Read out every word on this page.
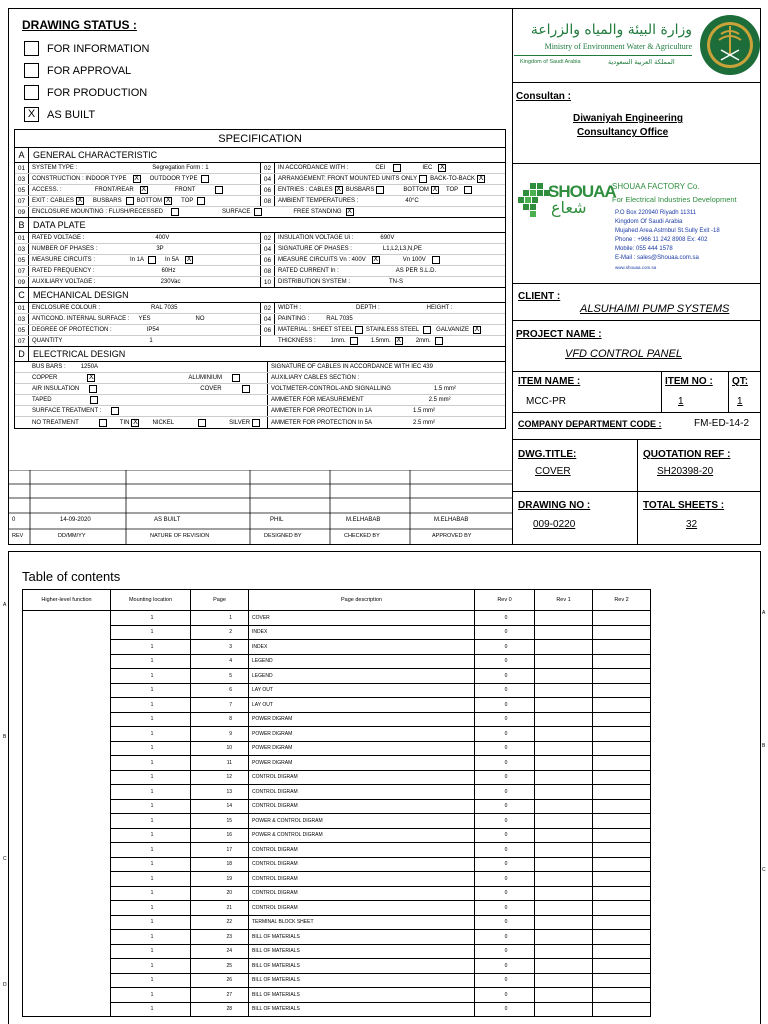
DRAWING STATUS :
FOR INFORMATION
FOR APPROVAL
FOR PRODUCTION
X	AS BUILT
SPECIFICATION
A GENERAL CHARACTERISTIC
01	SYSTEM TYPE :	Segregation Form : 1	02	IN ACCORDANCE WITH :	CEI	IEC X
03	CONSTRUCTION : INDOOR TYPE X	OUTDOOR TYPE	04	ARRANGEMENT: FRONT MOUNTED UNITS ONLY	BACK-TO-BACK X
05	ACCESS. :	FRONT/REAR X	FRONT	06	ENTRIES : CABLES X BUSBARS	BOTTOM X	TOP
07	EXIT : CABLES X	BUSBARS	BOTTOM X	TOP	08	AMBIENT TEMPERATURES :	40°C
09	ENCLOSURE MOUNTING : FLUSH/RECESSED	SURFACE	FREE STANDING X
B DATA PLATE
01	RATED VOLTAGE :	400V	02	INSULATION VOLTAGE Ui :	690V
03	NUMBER OF PHASES :	3P	04	SIGNATURE OF PHASES :	L1,L2,L3,N,PE
05	MEASURE CIRCUITS :	In 1A	In 5A X	06	MEASURE CIRCUITS Vn : 400V X	Vn 100V
07	RATED FREQUENCY :	60Hz	08	RATED CURRENT In :	AS PER S.L.D.
09	AUXILIARY VOLTAGE :	230Vac	10	DISTRIBUTION SYSTEM :	TN-S
C MECHANICAL DESIGN
01	ENCLOSURE COLOUR :	RAL 7035	02	WIDTH :	DEPTH :	HEIGHT :
03	ANTICOND. INTERNAL SURFACE :	YES	NO	04	PAINTING :	RAL 7035
05	DEGREE OF PROTECTION :	IP54	06	MATERIAL : SHEET STEEL	STAINLESS STEEL	GALVANIZE X
07	QUANTITY	1	THICKNESS :	1mm.	1.5mm. X	2mm.
D ELECTRICAL DESIGN
BUS BARS :	1250A	SIGNATURE OF CABLES IN ACCORDANCE WITH IEC 439
COPPER	X	ALUMINIUM	AUXILIARY CABLES SECTION :
AIR INSULATION	COVER	VOLTMETER-CONTROL-AND SIGNALLING	1.5 mm²
TAPED	AMMETER FOR MEASUREMENT	2.5 mm²
SURFACE TREATMENT :	AMMETER FOR PROTECTION In 1A	1.5 mm²
NO TREATMENT	TIN X	NICKEL	SILVER	AMMETER FOR PROTECTION In 5A	2.5 mm²
0	14-09-2020	AS BUILT	PHIL	M.ELHABAB	M.ELHABAB
REV	DD/MM/YY	NATURE OF REVISION	DESIGNED BY	CHECKED BY	APPROVED BY
وزارة البيئة والمياه والزراعة
Ministry of Environment Water & Agriculture
Kingdom of Saudi Arabia	المملكة العربية السعودية
Consultan :
Diwaniyah Engineering
Consultancy Office
SHOUAA
شعاع
SHOUAA FACTORY Co.
For Electrical Industries Development
P.O Box 220940 Riyadh 11311
Kingdom Of Saudi Arabia
Mujahed Area.Astrnbul St.Sully Exit -18
Phone : +966 11 242 8908 Ex: 402
Mobile: 055 444 1578
E-Mail : sales@Shouaa.com.sa
www.shouaa.com.sa
CLIENT :
ALSUHAIMI PUMP SYSTEMS
PROJECT NAME :
VFD CONTROL PANEL
ITEM NAME :
MCC-PR
ITEM NO :
1
QT:
1
COMPANY DEPARTMENT CODE :	FM-ED-14-2
DWG.TITLE:
COVER
QUOTATION REF :
SH20398-20
DRAWING NO :
009-0220
TOTAL SHEETS :
32
A
B
C
D
A
B
C
Table of contents
Higher-level function	Mounting location	Page	Page description	Rev 0	Rev 1	Rev 2
	1	1	COVER	0		
	1	2	INDEX	0		
	1	3	INDEX	0		
	1	4	LEGEND	0		
	1	5	LEGEND	0		
	1	6	LAY OUT	0		
	1	7	LAY OUT	0		
	1	8	POWER DIGRAM	0		
	1	9	POWER DIGRAM	0		
	1	10	POWER DIGRAM	0		
	1	11	POWER DIGRAM	0		
	1	12	CONTROL DIGRAM	0		
	1	13	CONTROL DIGRAM	0		
	1	14	CONTROL DIGRAM	0		
	1	15	POWER & CONTROL DIGRAM	0		
	1	16	POWER & CONTROL DIGRAM	0		
	1	17	CONTROL DIGRAM	0		
	1	18	CONTROL DIGRAM	0		
	1	19	CONTROL DIGRAM	0		
	1	20	CONTROL DIGRAM	0		
	1	21	CONTROL DIGRAM	0		
	1	22	TERMINAL BLOCK SHEET	0		
	1	23	BILL OF MATERIALS	0		
	1	24	BILL OF MATERIALS	0		
	1	25	BILL OF MATERIALS	0		
	1	26	BILL OF MATERIALS	0		
	1	27	BILL OF MATERIALS	0		
	1	28	BILL OF MATERIALS	0		
